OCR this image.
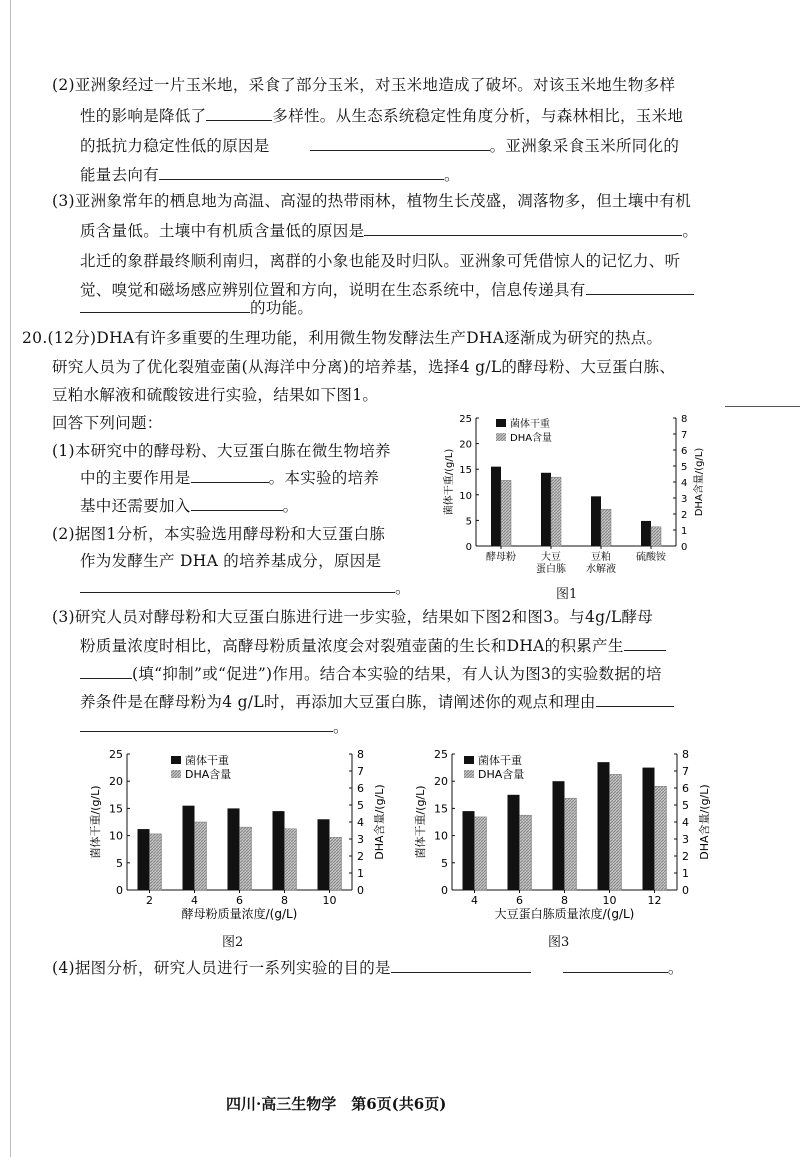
(2)亚洲象经过一片玉米地，采食了部分玉米，对玉米地造成了破坏。对该玉米地生物多样
性的影响是降低了	多样性。从生态系统稳定性角度分析，与森林相比，玉米地
的抵抗力稳定性低的原因是	。亚洲象采食玉米所同化的
能量去向有	。
(3)亚洲象常年的栖息地为高温、高湿的热带雨林，植物生长茂盛，凋落物多，但土壤中有机
质含量低。土壤中有机质含量低的原因是	。
北迁的象群最终顺利南归，离群的小象也能及时归队。亚洲象可凭借惊人的记忆力、听
觉、嗅觉和磁场感应辨别位置和方向，说明在生态系统中，信息传递具有
的功能。
20.(12分)DHA有许多重要的生理功能，利用微生物发酵法生产DHA逐渐成为研究的热点。
研究人员为了优化裂殖壶菌(从海洋中分离)的培养基，选择4 g/L的酵母粉、大豆蛋白胨、
豆粕水解液和硫酸铵进行实验，结果如下图1。
回答下列问题：
(1)本研究中的酵母粉、大豆蛋白胨在微生物培养
中的主要作用是	。本实验的培养
基中还需要加入	。
(2)据图1分析，本实验选用酵母粉和大豆蛋白胨
作为发酵生产 DHA 的培养基成分，原因是
。
0
5
10
15
20
25
0
1
2
3
4
5
6
7
8
菌体干重/(g/L)	DHA含量/(g/L)
酵母粉	大豆
蛋白胨
豆粕
水解液
硫酸铵
菌体干重
DHA含量
图1
(3)研究人员对酵母粉和大豆蛋白胨进行进一步实验，结果如下图2和图3。与4g/L酵母
粉质量浓度时相比，高酵母粉质量浓度会对裂殖壶菌的生长和DHA的积累产生
(填“抑制”或“促进”)作用。结合本实验的结果，有人认为图3的实验数据的培
养条件是在酵母粉为4 g/L时，再添加大豆蛋白胨，请阐述你的观点和理由
。
0
5
10
15
20
25
0
1
2
3
4
5
6
7
8
菌体干重/(g/L)	DHA含量/(g/L)
2	4	6	8	10
菌体干重
DHA含量
酵母粉质量浓度/(g/L)
图2
0
5
10
15
20
25
0
1
2
3
4
5
6
7
8
菌体干重/(g/L)	DHA含量/(g/L)
4	6	8	10	12
菌体干重
DHA含量
大豆蛋白胨质量浓度/(g/L)
图3
(4)据图分析，研究人员进行一系列实验的目的是	。
四川·高三生物学　第6页(共6页)
